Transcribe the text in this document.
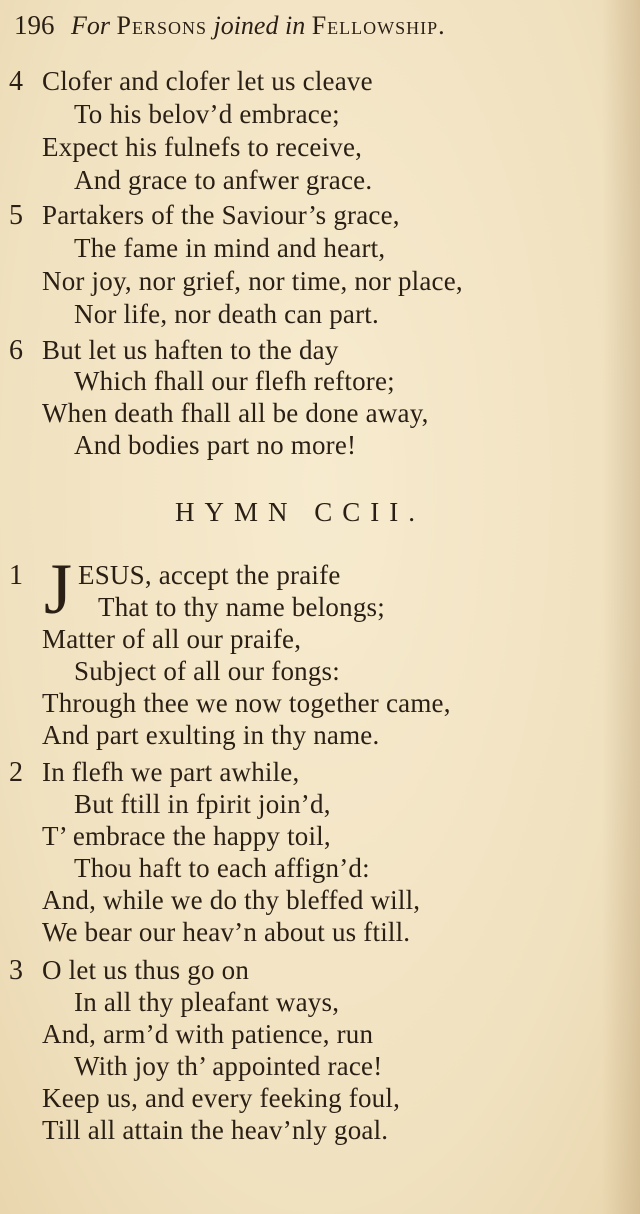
196 For Persons joined in Fellowship.
4 Clofer and clofer let us cleave
To his belov’d embrace;
Expect his fulnefs to receive,
And grace to anfwer grace.
5 Partakers of the Saviour’s grace,
The fame in mind and heart,
Nor joy, nor grief, nor time, nor place,
Nor life, nor death can part.
6 But let us haften to the day
Which fhall our flefh reftore;
When death fhall all be done away,
And bodies part no more!
HYMN CCII.
1 J ESUS, accept the praife
That to thy name belongs;
Matter of all our praife,
Subject of all our fongs:
Through thee we now together came,
And part exulting in thy name.
2 In flefh we part awhile,
But ftill in fpirit join’d,
T’ embrace the happy toil,
Thou haft to each affign’d:
And, while we do thy bleffed will,
We bear our heav’n about us ftill.
3 O let us thus go on
In all thy pleafant ways,
And, arm’d with patience, run
With joy th’ appointed race!
Keep us, and every feeking foul,
Till all attain the heav’nly goal.
